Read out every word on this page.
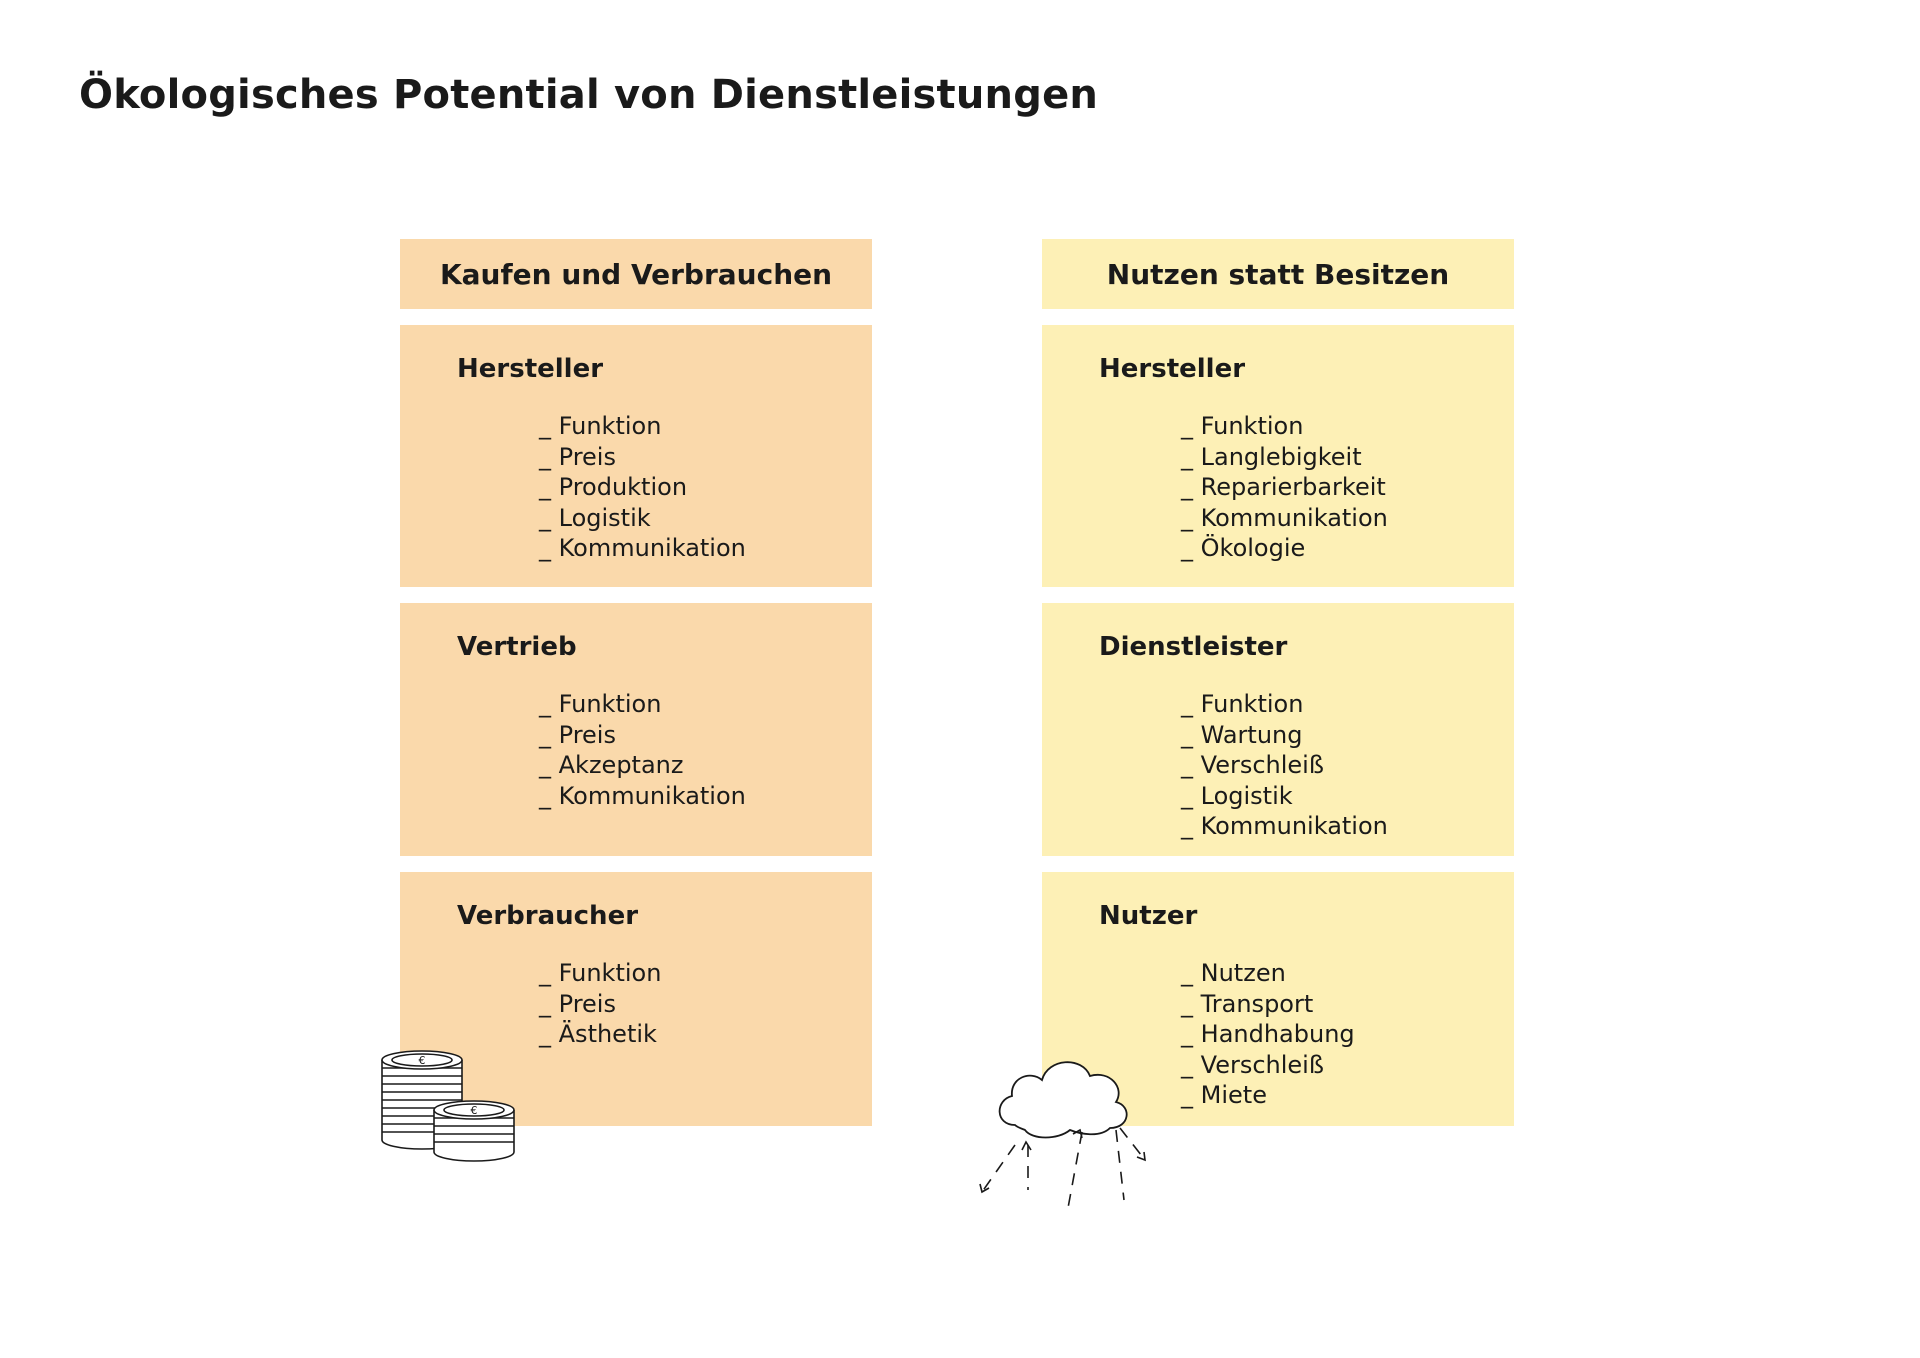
Ökologisches Potential von Dienstleistungen
Kaufen und Verbrauchen
Hersteller
_ Funktion
_ Preis
_ Produktion
_ Logistik
_ Kommunikation
Vertrieb
_ Funktion
_ Preis
_ Akzeptanz
_ Kommunikation
Verbraucher
_ Funktion
_ Preis
_ Ästhetik
Nutzen statt Besitzen
Hersteller
_ Funktion
_ Langlebigkeit
_ Reparierbarkeit
_ Kommunikation
_ Ökologie
Dienstleister
_ Funktion
_ Wartung
_ Verschleiß
_ Logistik
_ Kommunikation
Nutzer
_ Nutzen
_ Transport
_ Handhabung
_ Verschleiß
_ Miete
€
€
